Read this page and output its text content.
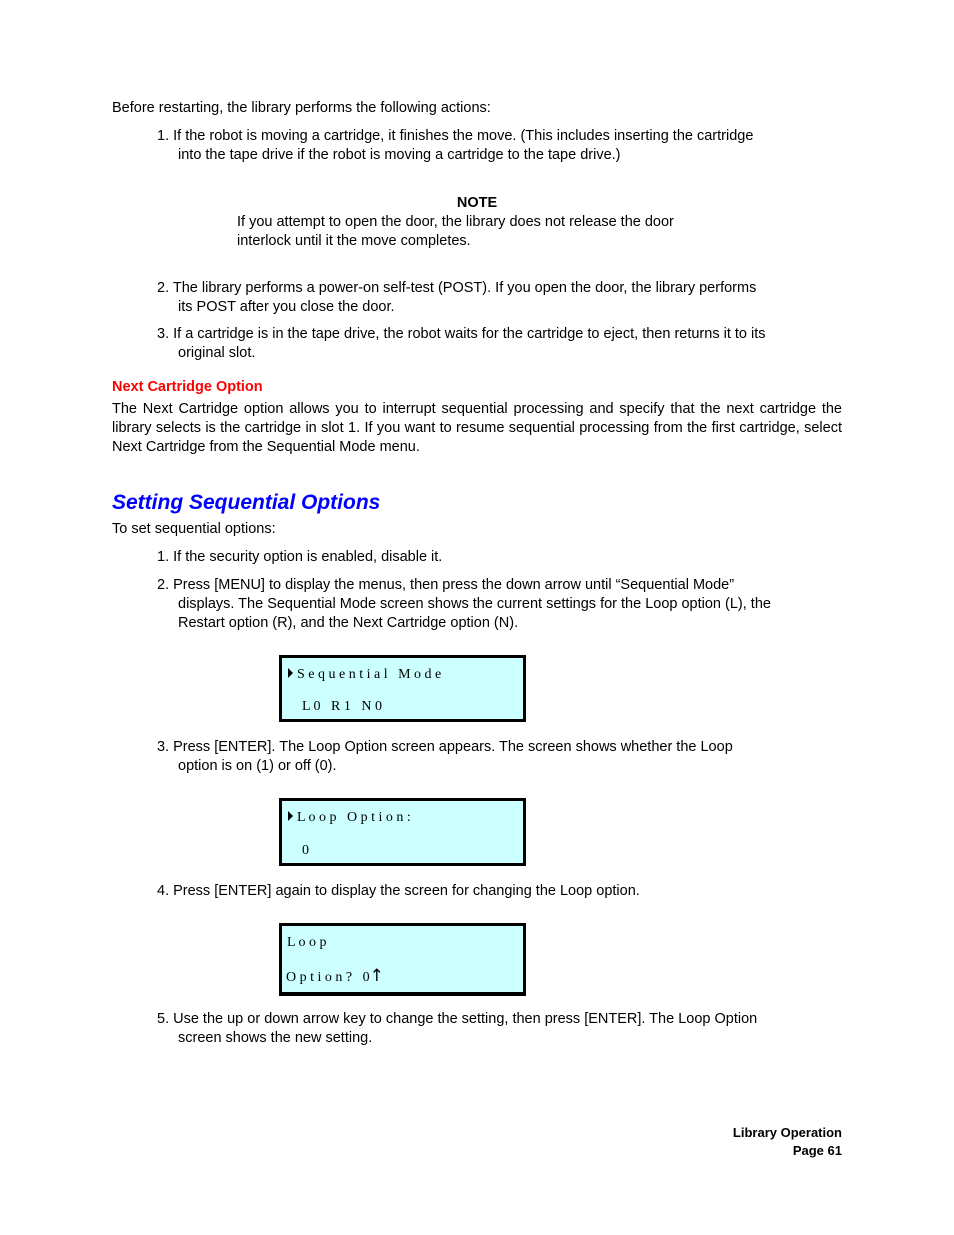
Before restarting, the library performs the following actions:
1. If the robot is moving a cartridge, it finishes the move. (This includes inserting the cartridge
into the tape drive if the robot is moving a cartridge to the tape drive.)
NOTE
If you attempt to open the door, the library does not release the door
interlock until it the move completes.
2. The library performs a power-on self-test (POST). If you open the door, the library performs
its POST after you close the door.
3. If a cartridge is in the tape drive, the robot waits for the cartridge to eject, then returns it to its
original slot.
Next Cartridge Option
The Next Cartridge option allows you to interrupt sequential processing and specify that the next cartridge the library selects is the cartridge in slot 1. If you want to resume sequential processing from the first cartridge, select Next Cartridge from the Sequential Mode menu.
Setting Sequential Options
To set sequential options:
1. If the security option is enabled, disable it.
2. Press [MENU] to display the menus, then press the down arrow until “Sequential Mode”
displays. The Sequential Mode screen shows the current settings for the Loop option (L), the
Restart option (R), and the Next Cartridge option (N).
S e q u e n t i a l   M o d e
L 0   R 1   N 0
3. Press [ENTER]. The Loop Option screen appears. The screen shows whether the Loop
option is on (1) or off (0).
L o o p   O p t i o n :
0
4. Press [ENTER] again to display the screen for changing the Loop option.
L o o p
O p t i o n ?   0↑
5. Use the up or down arrow key to change the setting, then press [ENTER]. The Loop Option
screen shows the new setting.
Library Operation
Page 61
